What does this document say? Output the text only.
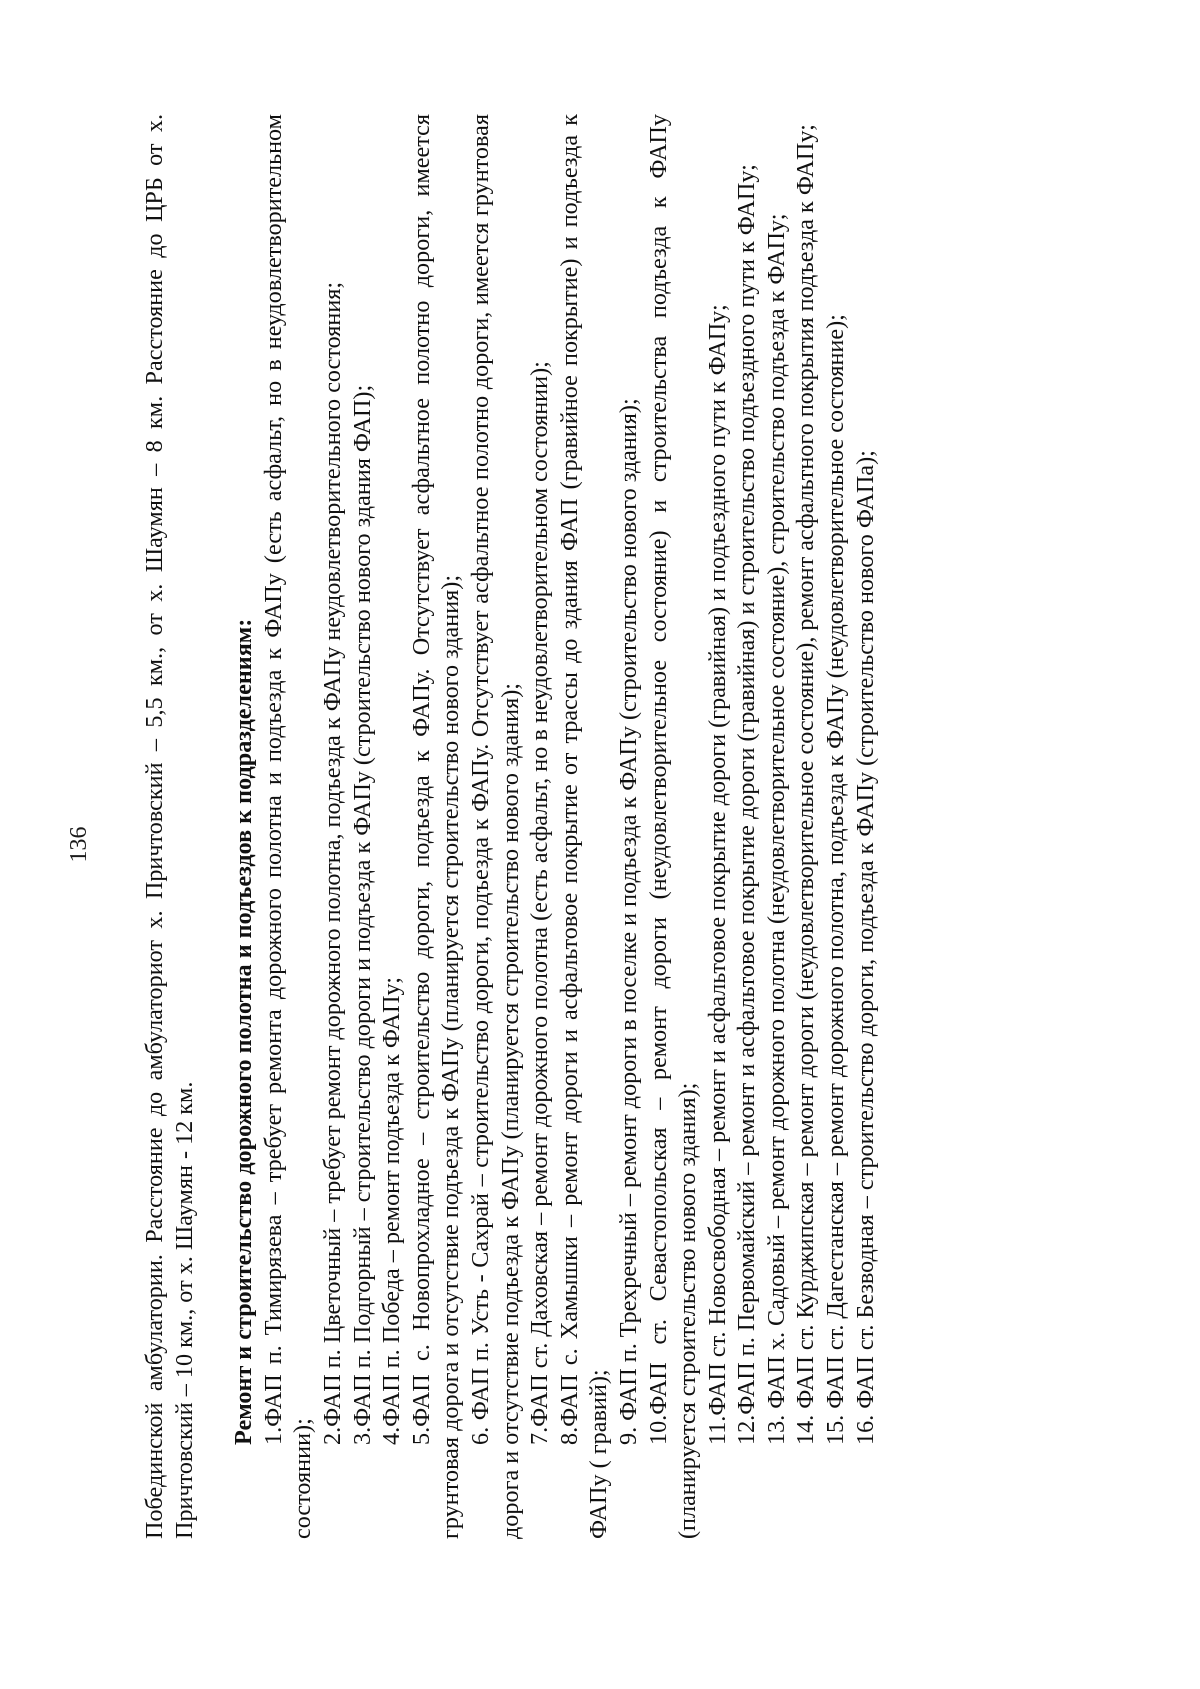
136 Побединской амбулатории. Расстояние до амбулаториот х. Причтовский – 5,5 км., от х. Шаумян – 8 км. Расстояние до ЦРБ от х. Причтовский – 10 км., от х. Шаумян - 12 км. Ремонт и строительство дорожного полотна и подъездов к подразделениям: 1.ФАП п. Тимирязева – требует ремонта дорожного полотна и подъезда к ФАПу (есть асфальт, но в неудовлетворительном состоянии);

2.ФАП п. Цветочный – требует ремонт дорожного полотна, подъезда к ФАПу неудовлетворительного состояния; 3.ФАП п. Подгорный – строительство дороги и подъезда к ФАПу (строительство нового здания ФАП); 4.ФАП п. Победа – ремонт подъезда к ФАПу; 5.ФАП с. Новопрохладное – строительство дороги, подъезда к ФАПу. Отсутствует асфальтное полотно дороги, имеется грунтовая дорога и отсутствие подъезда к ФАПу (планируется строительство нового здания); 6. ФАП п. Усть - Сахрай – строительство дороги, подъезда к ФАПу. Отсутствует асфальтное полотно дороги, имеется грунтовая дорога и отсутствие подъезда к ФАПу (планируется строительство нового здания); 7.ФАП ст. Даховская – ремонт дорожного полотна (есть асфальт, но в неудовлетворительном состоянии); 8.ФАП с. Хамышки – ремонт дороги и асфальтовое покрытие от трассы до здания ФАП (гравийное покрытие) и подъезда к ФАПу ( гравий);

9. ФАП п. Трехречный – ремонт дороги в поселке и подъезда к ФАПу (строительство нового здания); 10.ФАП ст. Севастопольская – ремонт дороги (неудовлетворительное состояние) и строительства подъезда к ФАПу (планируется строительство нового здания); 11.ФАП ст. Новосвободная – ремонт и асфальтовое покрытие дороги (гравийная) и подъездного пути к ФАПу; 12.ФАП п. Первомайский – ремонт и асфальтовое покрытие дороги (гравийная) и строительство подъездного пути к ФАПу; 13. ФАП х. Садовый – ремонт дорожного полотна (неудовлетворительное состояние), строительство подъезда к ФАПу; 14. ФАП ст. Курджипская – ремонт дороги (неудовлетворительное состояние), ремонт асфальтного покрытия подъезда к ФАПу; 15. ФАП ст. Дагестанская – ремонт дорожного полотна, подъезда к ФАПу (неудовлетворительное состояние); 16. ФАП ст. Безводная – строительство дороги, подъезда к ФАПу (строительство нового ФАПа);
